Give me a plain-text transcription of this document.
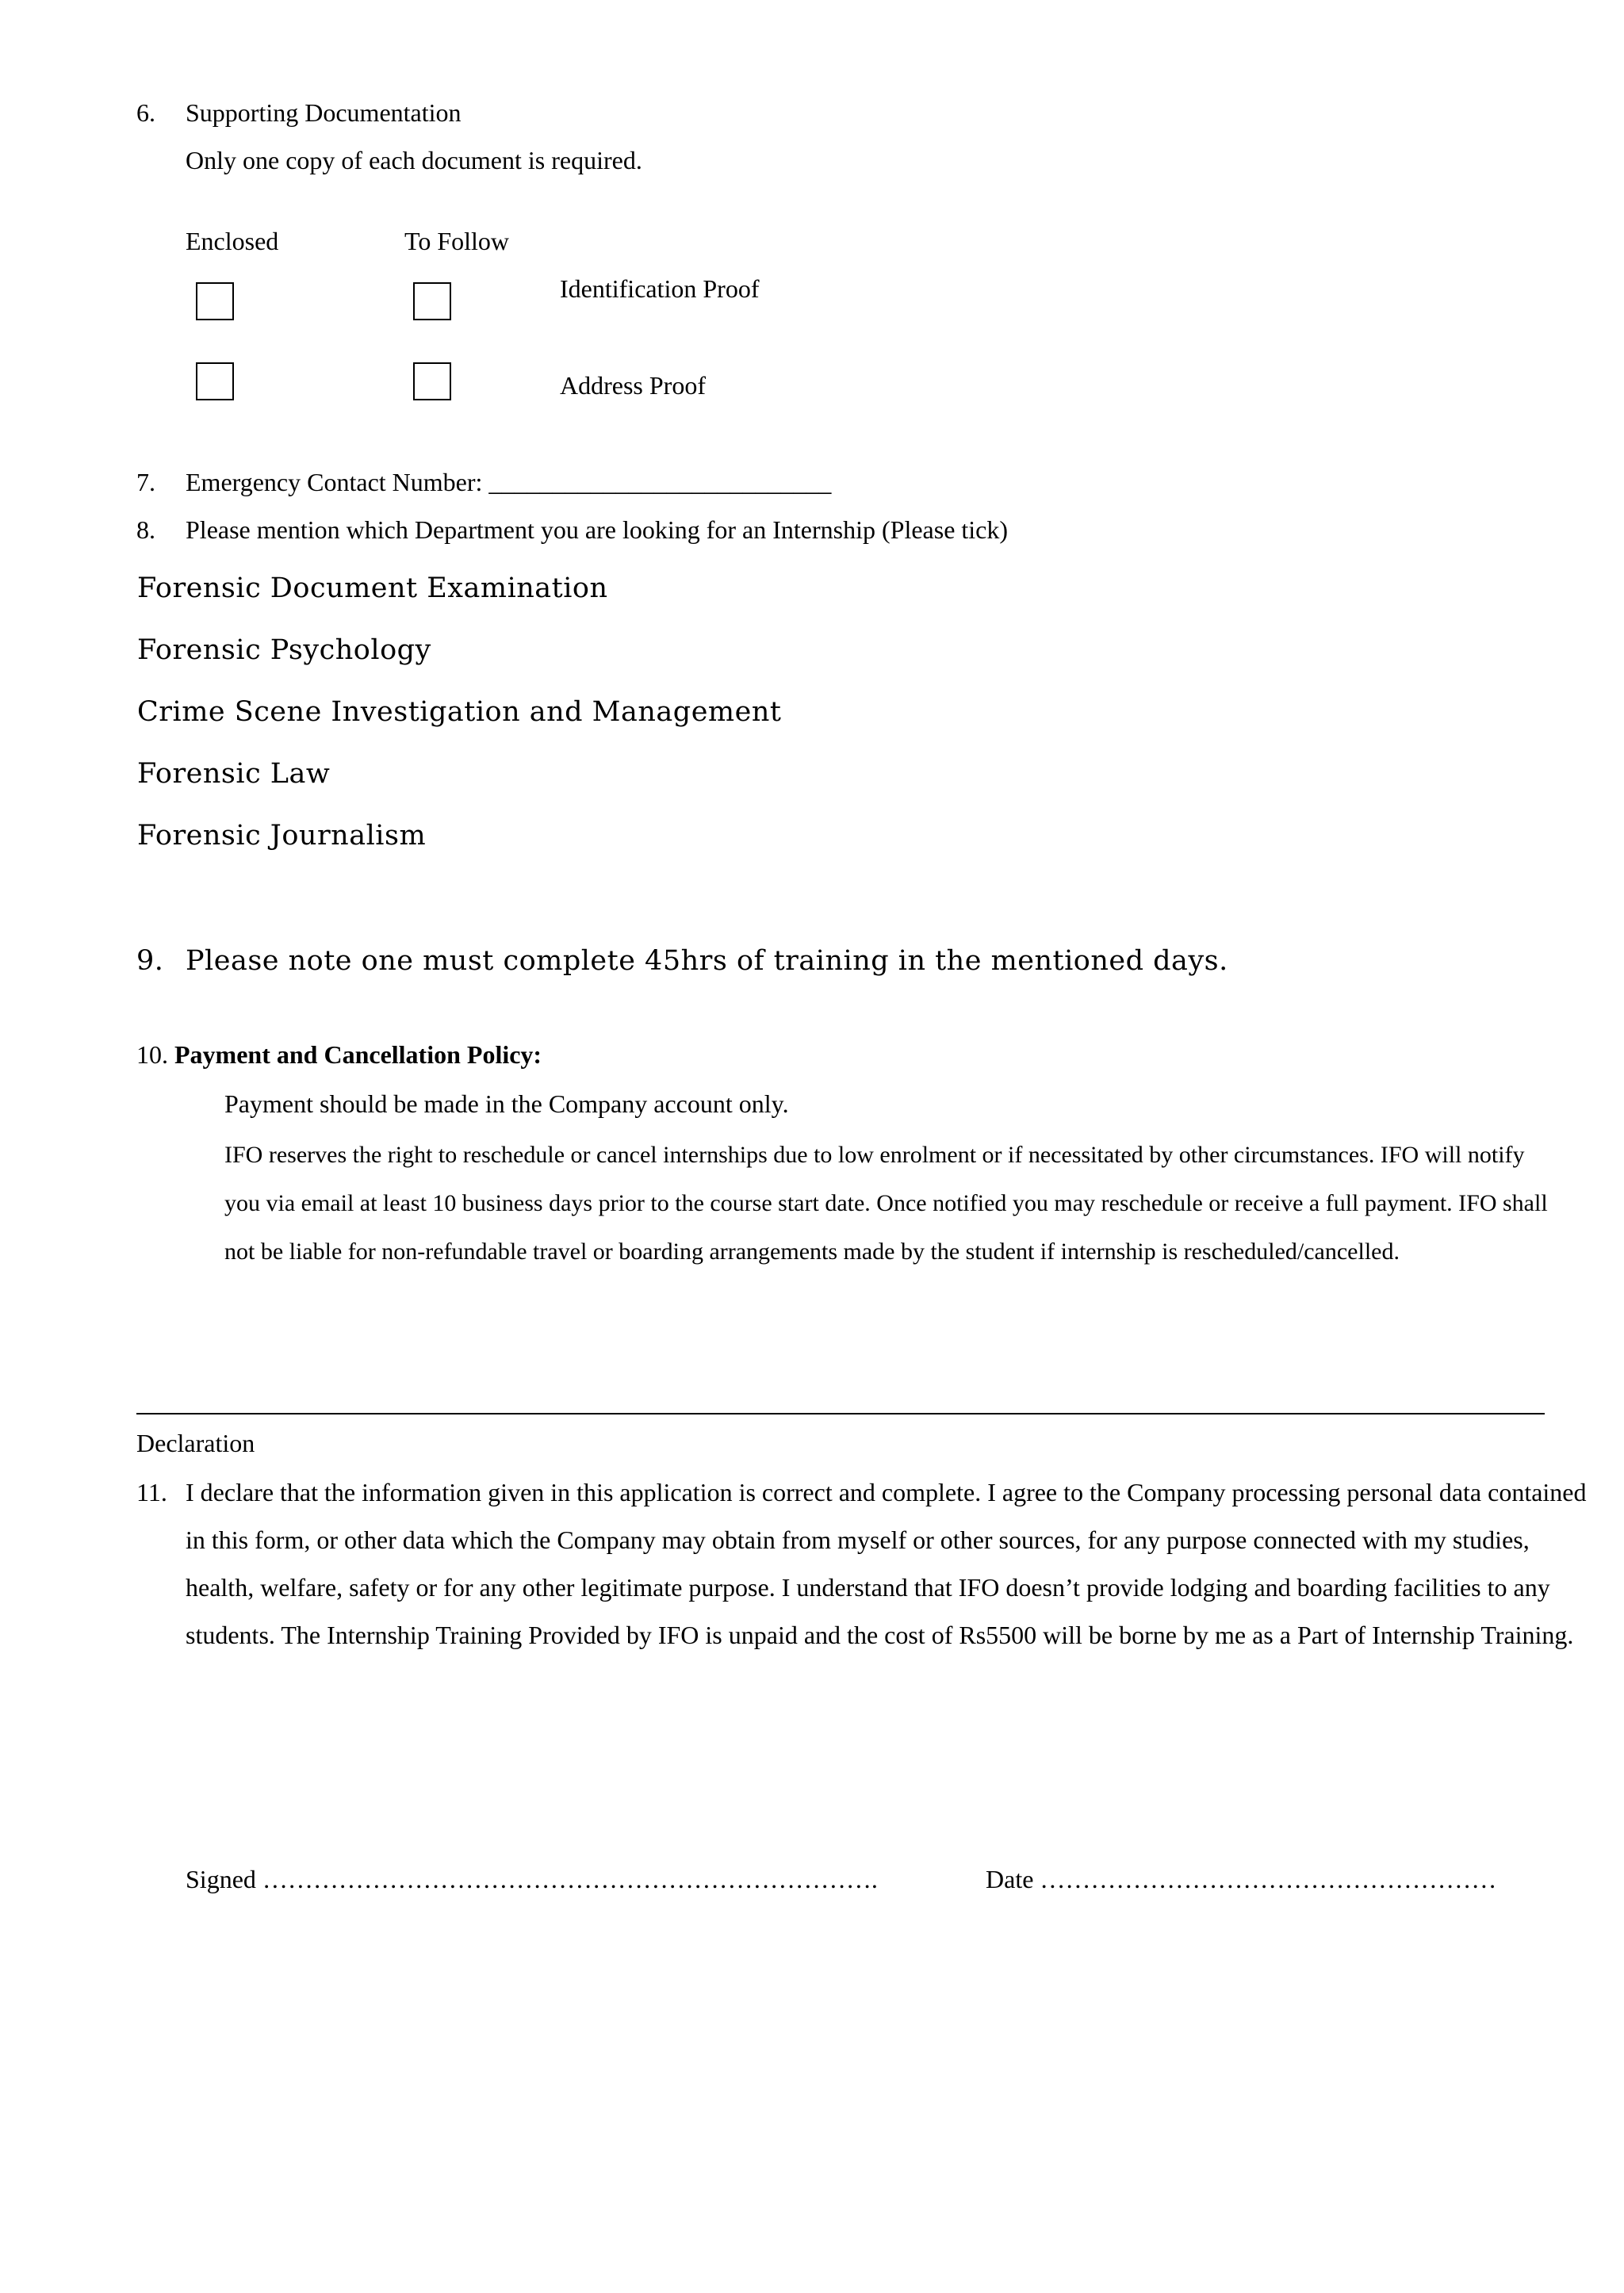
6. Supporting Documentation
Only one copy of each document is required.
Enclosed	To Follow
Identification Proof
Address Proof
7. Emergency Contact Number: ___________________________
8. Please mention which Department you are looking for an Internship (Please tick)
Forensic Document Examination
Forensic Psychology
Crime Scene Investigation and Management
Forensic Law
Forensic Journalism
9. Please note one must complete 45hrs of training in the mentioned days.
10. Payment and Cancellation Policy:
Payment should be made in the Company account only.
IFO reserves the right to reschedule or cancel internships due to low enrolment or if necessitated by other circumstances. IFO will notify you via email at least 10 business days prior to the course start date. Once notified you may reschedule or receive a full payment. IFO shall not be liable for non-refundable travel or boarding arrangements made by the student if internship is rescheduled/cancelled.
Declaration
11. I declare that the information given in this application is correct and complete. I agree to the Company processing personal data contained in this form, or other data which the Company may obtain from myself or other sources, for any purpose connected with my studies, health, welfare, safety or for any other legitimate purpose. I understand that IFO doesn’t provide lodging and boarding facilities to any students. The Internship Training Provided by IFO is unpaid and the cost of Rs5500 will be borne by me as a Part of Internship Training.
Signed ……………………………………………………………….	Date ………………………………………………
